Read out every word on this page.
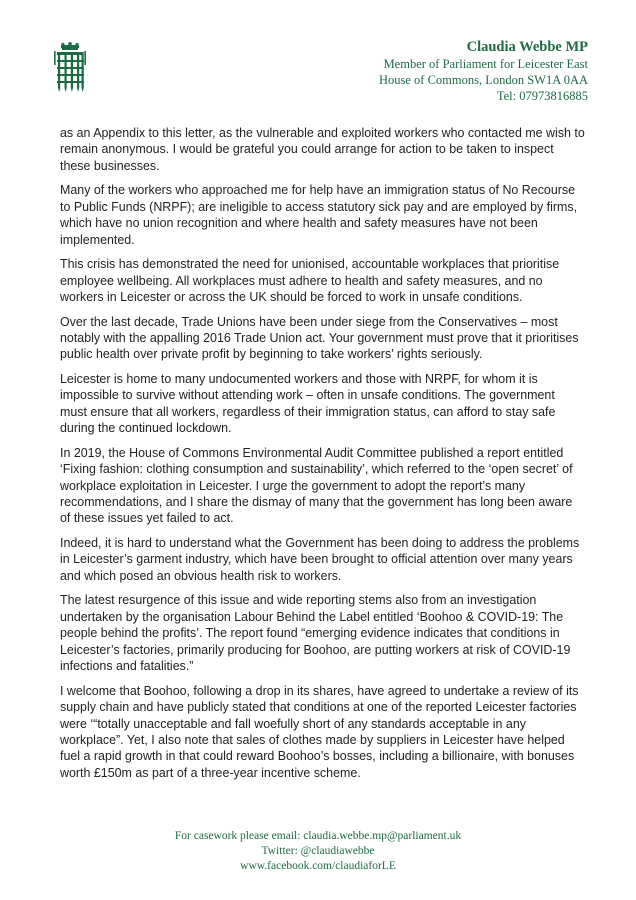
Claudia Webbe MP
Member of Parliament for Leicester East
House of Commons, London SW1A 0AA
Tel: 07973816885

as an Appendix to this letter, as the vulnerable and exploited workers who contacted me wish to remain anonymous. I would be grateful you could arrange for action to be taken to inspect these businesses.

Many of the workers who approached me for help have an immigration status of No Recourse to Public Funds (NRPF); are ineligible to access statutory sick pay and are employed by firms, which have no union recognition and where health and safety measures have not been implemented.

This crisis has demonstrated the need for unionised, accountable workplaces that prioritise employee wellbeing. All workplaces must adhere to health and safety measures, and no workers in Leicester or across the UK should be forced to work in unsafe conditions.

Over the last decade, Trade Unions have been under siege from the Conservatives – most notably with the appalling 2016 Trade Union act. Your government must prove that it prioritises public health over private profit by beginning to take workers’ rights seriously.

Leicester is home to many undocumented workers and those with NRPF, for whom it is impossible to survive without attending work – often in unsafe conditions. The government must ensure that all workers, regardless of their immigration status, can afford to stay safe during the continued lockdown.

In 2019, the House of Commons Environmental Audit Committee published a report entitled ‘Fixing fashion: clothing consumption and sustainability’, which referred to the ‘open secret’ of workplace exploitation in Leicester. I urge the government to adopt the report’s many recommendations, and I share the dismay of many that the government has long been aware of these issues yet failed to act.

Indeed, it is hard to understand what the Government has been doing to address the problems in Leicester’s garment industry, which have been brought to official attention over many years and which posed an obvious health risk to workers.

The latest resurgence of this issue and wide reporting stems also from an investigation undertaken by the organisation Labour Behind the Label entitled ‘Boohoo & COVID-19: The people behind the profits’. The report found “emerging evidence indicates that conditions in Leicester’s factories, primarily producing for Boohoo, are putting workers at risk of COVID-19 infections and fatalities.”

I welcome that Boohoo, following a drop in its shares, have agreed to undertake a review of its supply chain and have publicly stated that conditions at one of the reported Leicester factories were ‘“totally unacceptable and fall woefully short of any standards acceptable in any workplace”. Yet, I also note that sales of clothes made by suppliers in Leicester have helped fuel a rapid growth in that could reward Boohoo’s bosses, including a billionaire, with bonuses worth £150m as part of a three-year incentive scheme.

For casework please email: claudia.webbe.mp@parliament.uk
Twitter: @claudiawebbe
www.facebook.com/claudiaforLE
